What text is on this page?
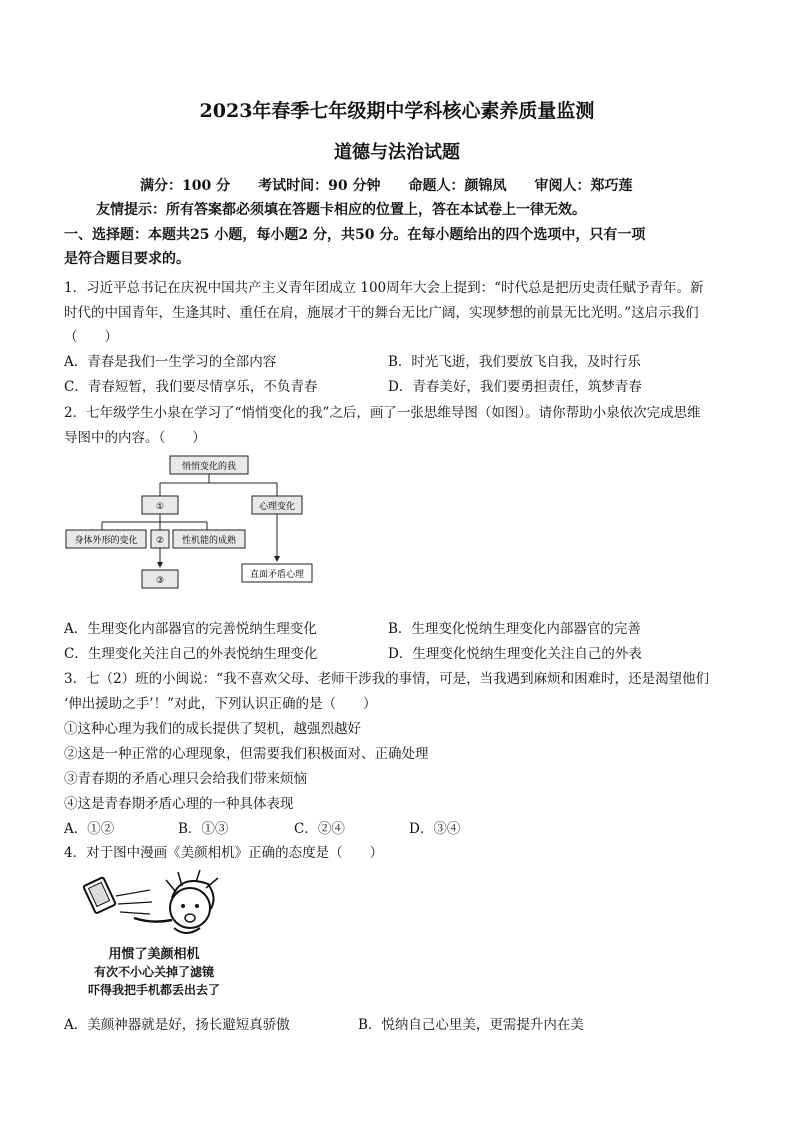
2023年春季七年级期中学科核心素养质量监测
道德与法治试题
满分：100 分　　考试时间：90 分钟　　命题人：颜锦凤　　审阅人：郑巧莲
友情提示：所有答案都必须填在答题卡相应的位置上，答在本试卷上一律无效。
一、选择题：本题共25 小题，每小题2 分，共50 分。在每小题给出的四个选项中，只有一项
是符合题目要求的。
1．习近平总书记在庆祝中国共产主义青年团成立 100周年大会上提到：“时代总是把历史责任赋予青年。新
时代的中国青年，生逢其时、重任在肩，施展才干的舞台无比广阔，实现梦想的前景无比光明。”这启示我们
（　　）
A．青春是我们一生学习的全部内容	B．时光飞逝，我们要放飞自我，及时行乐
C．青春短暂，我们要尽情享乐，不负青春	D．青春美好，我们要勇担责任，筑梦青春
2．七年级学生小泉在学习了“悄悄变化的我”之后，画了一张思维导图（如图）。请你帮助小泉依次完成思维
导图中的内容。（　　）
悄悄变化的我
①	心理变化
身体外形的变化 ② 性机能的成熟
③
直面矛盾心理
A．生理变化内部器官的完善悦纳生理变化	B．生理变化悦纳生理变化内部器官的完善
C．生理变化关注自己的外表悦纳生理变化	D．生理变化悦纳生理变化关注自己的外表
3．七（2）班的小闽说：“我不喜欢父母、老师干涉我的事情，可是，当我遇到麻烦和困难时，还是渴望他们
‘伸出援助之手’！”对此，下列认识正确的是（　　）
①这种心理为我们的成长提供了契机，越强烈越好
②这是一种正常的心理现象，但需要我们积极面对、正确处理
③青春期的矛盾心理只会给我们带来烦恼
④这是青春期矛盾心理的一种具体表现
A．①②	B．①③	C．②④	D．③④
4．对于图中漫画《美颜相机》正确的态度是（　　）
用惯了美颜相机
有次不小心关掉了滤镜
吓得我把手机都丢出去了
A．美颜神器就是好，扬长避短真骄傲	B．悦纳自己心里美，更需提升内在美
